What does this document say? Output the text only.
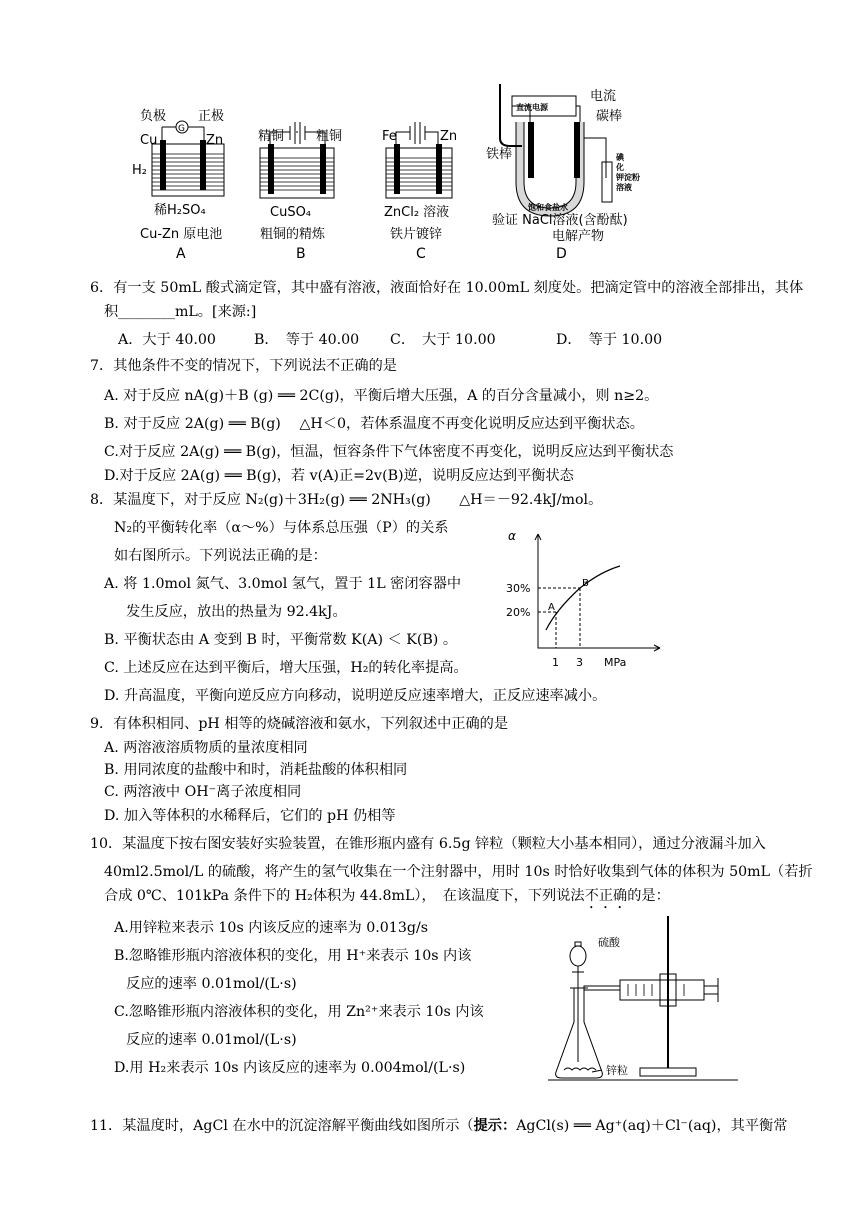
负极 正极
G
Cu	Zn
H₂
稀H₂SO₄
Cu-Zn 原电池
A
精铜 粗铜
CuSO₄
粗铜的精炼
B
Fe	Zn
ZnCl₂ 溶液
铁片镀锌
C
直流电源
电流
碳棒
铁棒	碘
化
钾淀粉
溶液
饱和食盐水
验证 NaCl溶液(含酚酞)
电解产物
D
6．有一支 50mL 酸式滴定管，其中盛有溶液，液面恰好在 10.00mL 刻度处。把滴定管中的溶液全部排出，其体
积________mL。[来源:]
A．大于 40.00	B．　等于 40.00 C．　大于 10.00	D．　等于 10.00
7．其他条件不变的情况下，下列说法不正确的是
A. 对于反应 nA(g)＋B (g) ══ 2C(g)，平衡后增大压强，A 的百分含量减小，则 n≥2。
B. 对于反应 2A(g) ══ B(g)　 △H＜0，若体系温度不再变化说明反应达到平衡状态。
C.对于反应 2A(g) ══ B(g)，恒温，恒容条件下气体密度不再变化，说明反应达到平衡状态
D.对于反应 2A(g) ══ B(g)，若 v(A)正=2v(B)逆，说明反应达到平衡状态
8．某温度下，对于反应 N₂(g)＋3H₂(g) ══ 2NH₃(g)　　△H＝－92.4kJ/mol。
N₂的平衡转化率（α～%）与体系总压强（P）的关系
如右图所示。下列说法正确的是：
A. 将 1.0mol 氮气、3.0mol 氢气，置于 1L 密闭容器中
发生反应，放出的热量为 92.4kJ。
B. 平衡状态由 A 变到 B 时，平衡常数 K(A) ＜ K(B) 。
C. 上述反应在达到平衡后，增大压强，H₂的转化率提高。
D. 升高温度，平衡向逆反应方向移动，说明逆反应速率增大，正反应速率减小。
α
30%
20% A
B
1 3 MPa
9．有体积相同、pH 相等的烧碱溶液和氨水，下列叙述中正确的是
A. 两溶液溶质物质的量浓度相同
B. 用同浓度的盐酸中和时，消耗盐酸的体积相同
C. 两溶液中 OH⁻离子浓度相同
D. 加入等体积的水稀释后，它们的 pH 仍相等
10．某温度下按右图安装好实验装置，在锥形瓶内盛有 6.5g 锌粒（颗粒大小基本相同），通过分液漏斗加入
40ml2.5mol/L 的硫酸，将产生的氢气收集在一个注射器中，用时 10s 时恰好收集到气体的体积为 50mL（若折
合成 0℃、101kPa 条件下的 H₂体积为 44.8mL），　在该温度下，下列说法不正确的是：
A.用锌粒来表示 10s 内该反应的速率为 0.013g/s
B.忽略锥形瓶内溶液体积的变化，用 H⁺来表示 10s 内该
反应的速率 0.01mol/(L·s)
C.忽略锥形瓶内溶液体积的变化，用 Zn²⁺来表示 10s 内该
反应的速率 0.01mol/(L·s)
D.用 H₂来表示 10s 内该反应的速率为 0.004mol/(L·s)
硫酸
锌粒
11．某温度时，AgCl 在水中的沉淀溶解平衡曲线如图所示（提示：AgCl(s) ══ Ag⁺(aq)＋Cl⁻(aq)，其平衡常
